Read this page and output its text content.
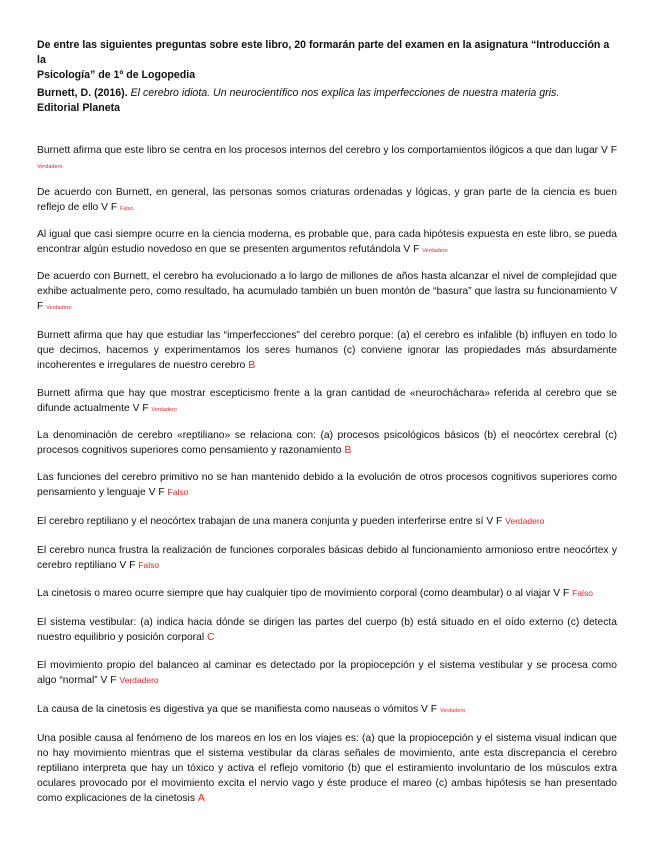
De entre las siguientes preguntas sobre este libro, 20 formarán parte del examen en la asignatura “Introducción a la
Psicología” de 1º de Logopedia
Burnett, D. (2016). El cerebro idiota. Un neurocientífico nos explica las imperfecciones de nuestra materia gris.
Editorial Planeta
Burnett afirma que este libro se centra en los procesos internos del cerebro y los comportamientos ilógicos a que dan lugar V F Verdadero
De acuerdo con Burnett, en general, las personas somos criaturas ordenadas y lógicas, y gran parte de la ciencia es buen reflejo de ello V F Falso
Al igual que casi siempre ocurre en la ciencia moderna, es probable que, para cada hipótesis expuesta en este libro, se pueda encontrar algún estudio novedoso en que se presenten argumentos refutándola V F Verdadero
De acuerdo con Burnett, el cerebro ha evolucionado a lo largo de millones de años hasta alcanzar el nivel de complejidad que exhibe actualmente pero, como resultado, ha acumulado también un buen montón de “basura” que lastra su funcionamiento V F Verdadero
Burnett afirma que hay que estudiar las “imperfecciones” del cerebro porque: (a) el cerebro es infalible (b) influyen en todo lo que decimos, hacemos y experimentamos los seres humanos (c) conviene ignorar las propiedades más absurdamente incoherentes e irregulares de nuestro cerebro B
Burnett afirma que hay que mostrar escepticismo frente a la gran cantidad de «neurocháchara» referida al cerebro que se difunde actualmente V F Verdadero
La denominación de cerebro «reptiliano» se relaciona con: (a) procesos psicológicos básicos (b) el neocórtex cerebral (c) procesos cognitivos superiores como pensamiento y razonamiento B
Las funciones del cerebro primitivo no se han mantenido debido a la evolución de otros procesos cognitivos superiores como pensamiento y lenguaje V F Falso
El cerebro reptiliano y el neocórtex trabajan de una manera conjunta y pueden interferirse entre sí V F Verdadero
El cerebro nunca frustra la realización de funciones corporales básicas debido al funcionamiento armonioso entre neocórtex y cerebro reptiliano V F Falso
La cinetosis o mareo ocurre siempre que hay cualquier tipo de movimiento corporal (como deambular) o al viajar V F Falso
El sistema vestibular: (a) indica hacia dónde se dirigen las partes del cuerpo (b) está situado en el oído externo (c) detecta nuestro equilibrio y posición corporal C
El movimiento propio del balanceo al caminar es detectado por la propiocepción y el sistema vestibular y se procesa como algo “normal” V F Verdadero
La causa de la cinetosis es digestiva ya que se manifiesta como nauseas o vómitos V F Verdadero
Una posible causa al fenómeno de los mareos en los en los viajes es: (a) que la propiocepción y el sistema visual indican que no hay movimiento mientras que el sistema vestibular da claras señales de movimiento, ante esta discrepancia el cerebro reptiliano interpreta que hay un tóxico y activa el reflejo vomitorio (b) que el estiramiento involuntario de los músculos extra oculares provocado por el movimiento excita el nervio vago y éste produce el mareo (c) ambas hipótesis se han presentado como explicaciones de la cinetosis A
